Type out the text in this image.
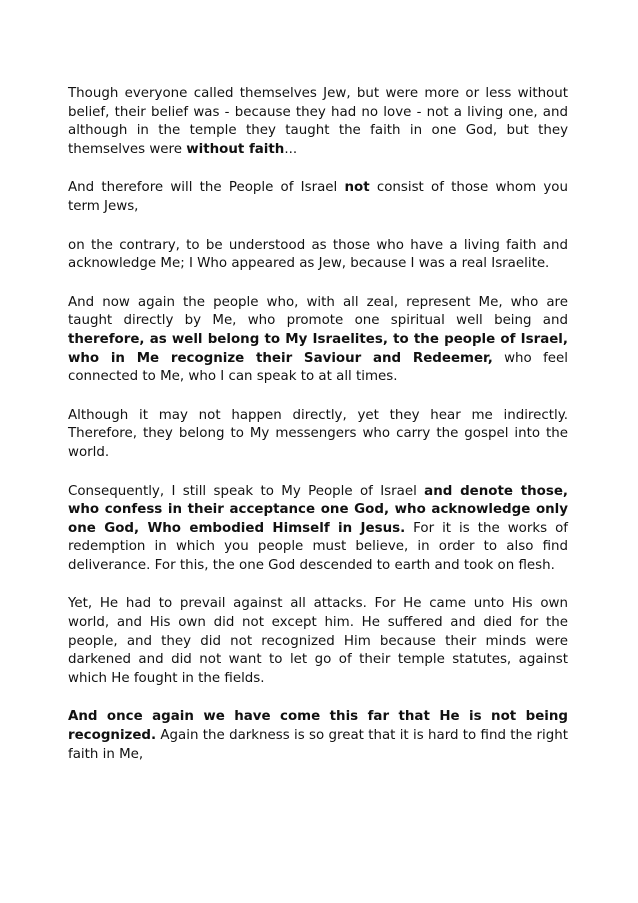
Though everyone called themselves Jew, but were more or less without belief, their belief was - because they had no love - not a living one, and although in the temple they taught the faith in one God, but they themselves were without faith...

And therefore will the People of Israel not consist of those whom you term Jews,

on the contrary, to be understood as those who have a living faith and acknowledge Me; I Who appeared as Jew, because I was a real Israelite.

And now again the people who, with all zeal, represent Me, who are taught directly by Me, who promote one spiritual well being and therefore, as well belong to My Israelites, to the people of Israel, who in Me recognize their Saviour and Redeemer, who feel connected to Me, who I can speak to at all times.

Although it may not happen directly, yet they hear me indirectly. Therefore, they belong to My messengers who carry the gospel into the world.

Consequently, I still speak to My People of Israel and denote those, who confess in their acceptance one God, who acknowledge only one God, Who embodied Himself in Jesus. For it is the works of redemption in which you people must believe, in order to also find deliverance. For this, the one God descended to earth and took on flesh.

Yet, He had to prevail against all attacks. For He came unto His own world, and His own did not except him. He suffered and died for the people, and they did not recognized Him because their minds were darkened and did not want to let go of their temple statutes, against which He fought in the fields.

And once again we have come this far that He is not being recognized. Again the darkness is so great that it is hard to find the right faith in Me,
